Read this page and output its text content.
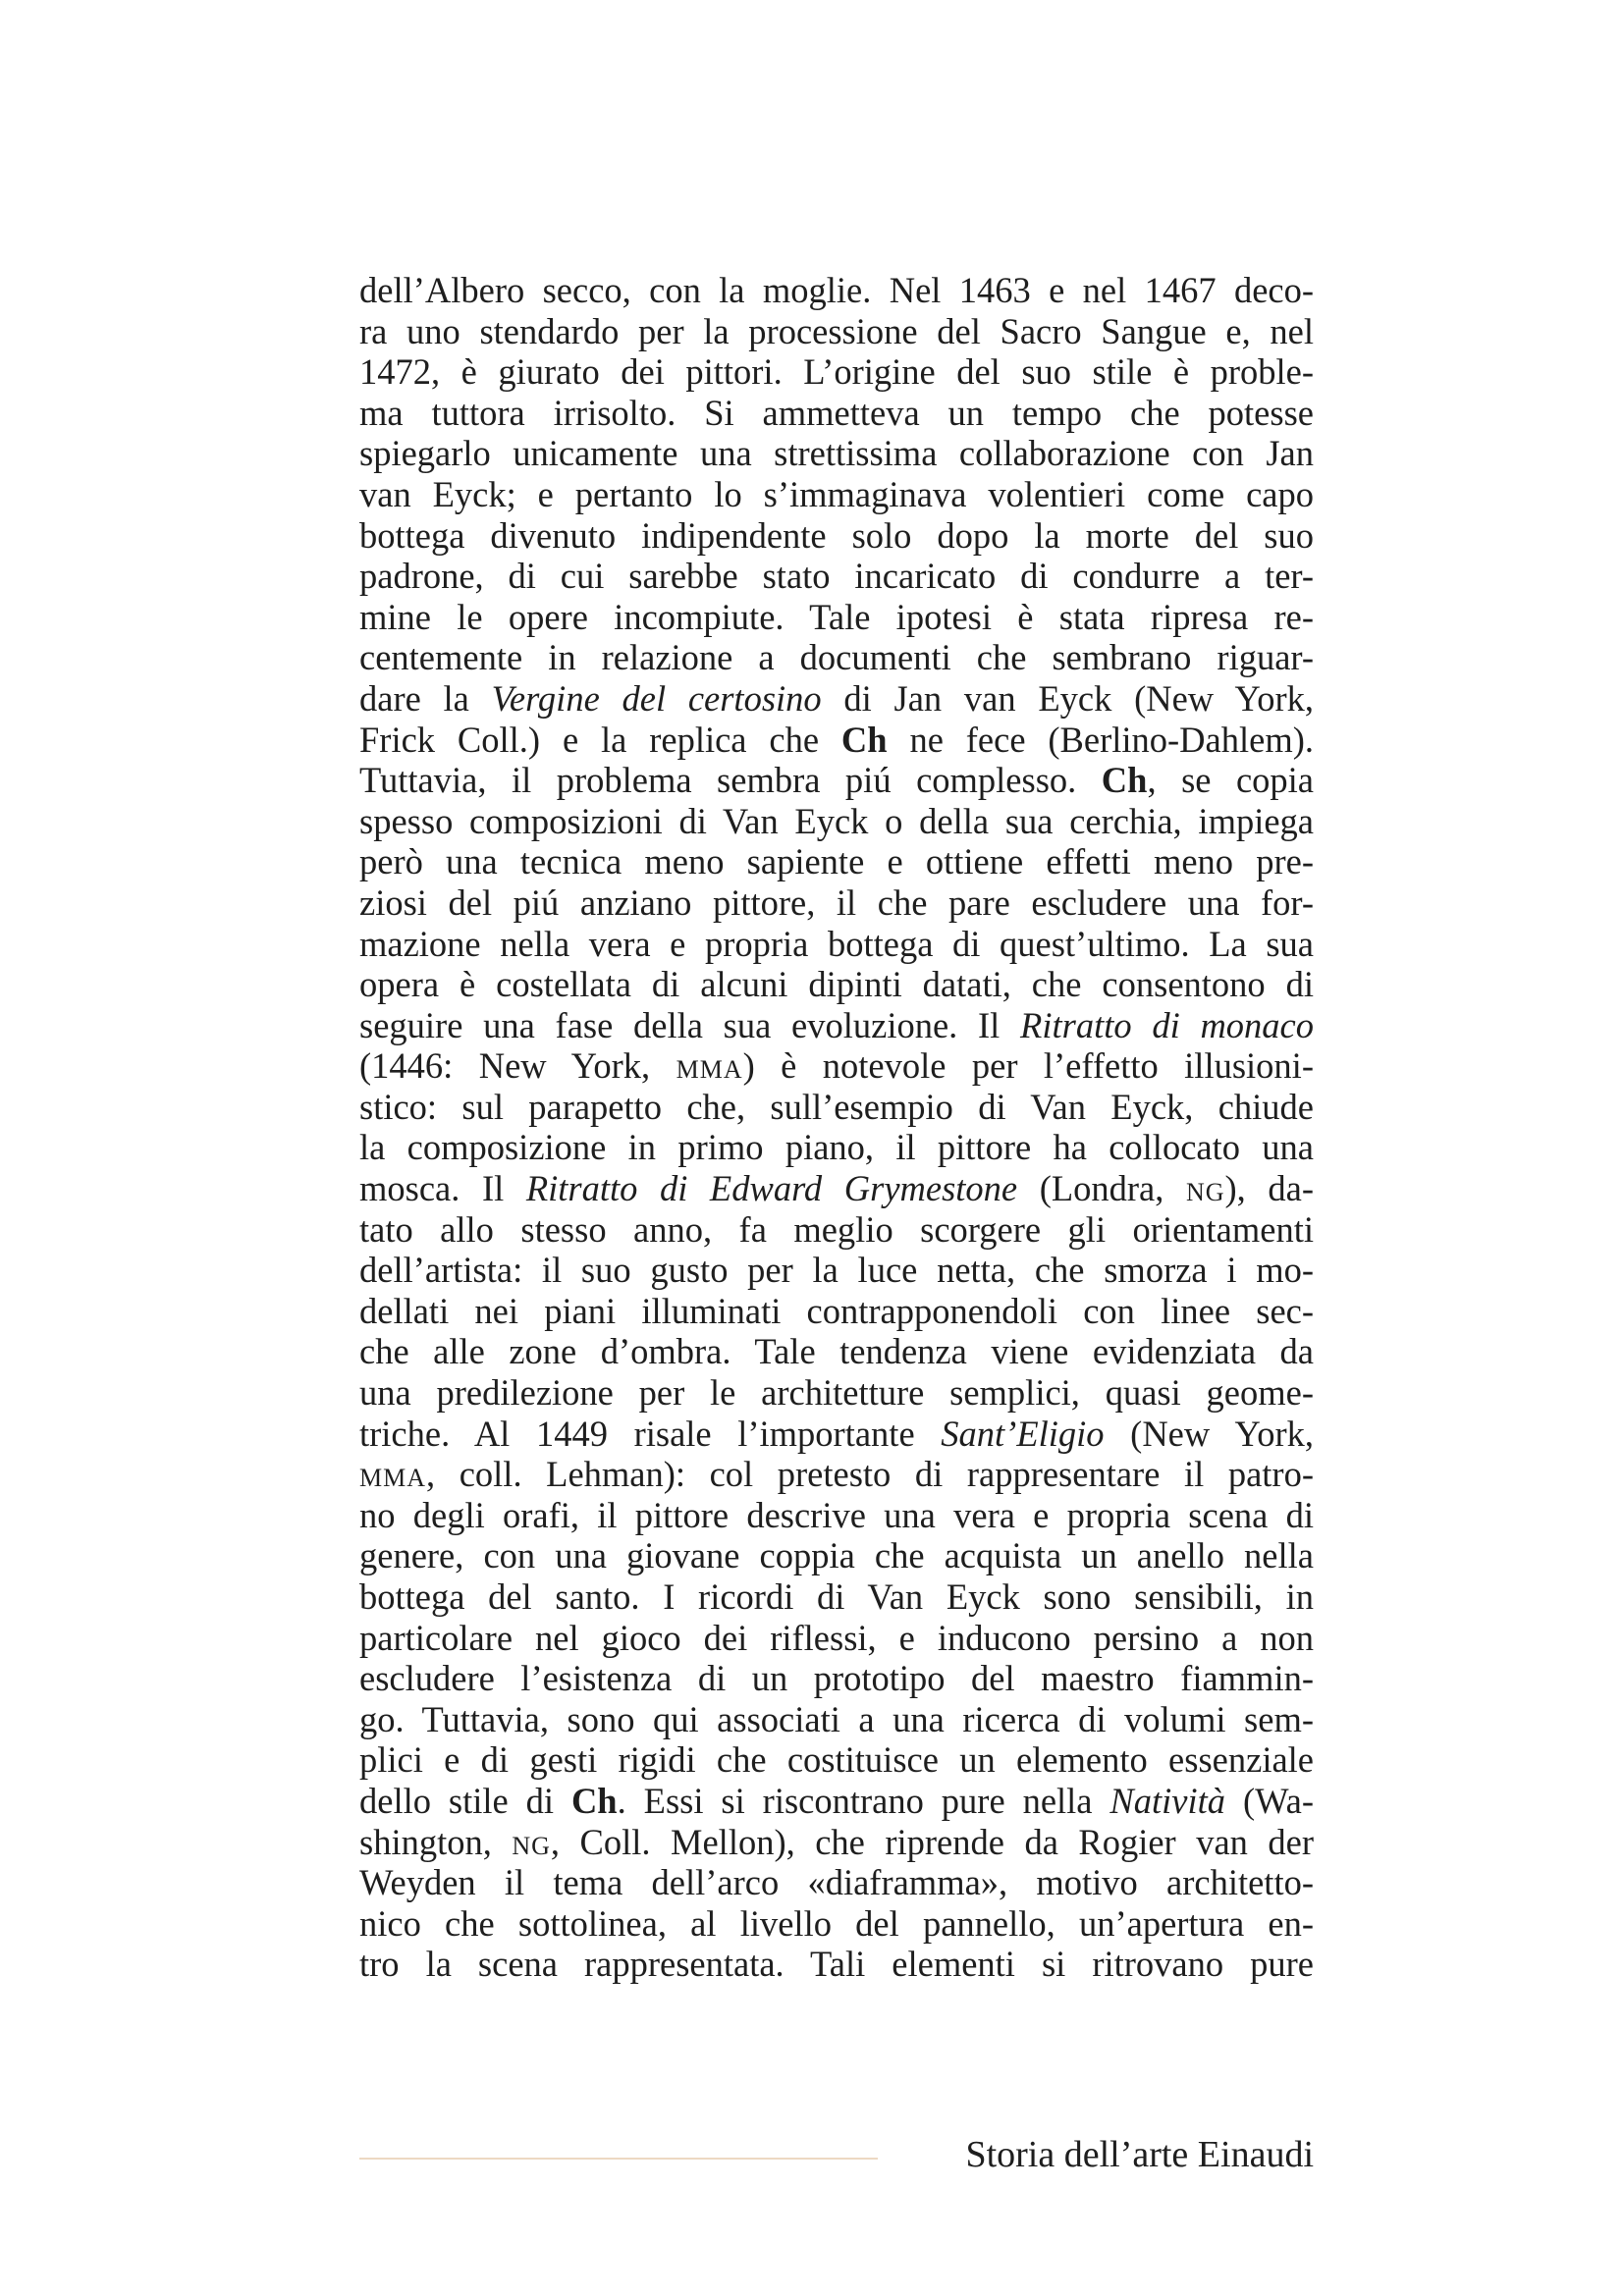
dell’Albero secco, con la moglie. Nel 1463 e nel 1467 deco-
ra uno stendardo per la processione del Sacro Sangue e, nel
1472, è giurato dei pittori. L’origine del suo stile è proble-
ma tuttora irrisolto. Si ammetteva un tempo che potesse
spiegarlo unicamente una strettissima collaborazione con Jan
van Eyck; e pertanto lo s’immaginava volentieri come capo
bottega divenuto indipendente solo dopo la morte del suo
padrone, di cui sarebbe stato incaricato di condurre a ter-
mine le opere incompiute. Tale ipotesi è stata ripresa re-
centemente in relazione a documenti che sembrano riguar-
dare la Vergine del certosino di Jan van Eyck (New York,
Frick Coll.) e la replica che Ch ne fece (Berlino-Dahlem).
Tuttavia, il problema sembra piú complesso. Ch, se copia
spesso composizioni di Van Eyck o della sua cerchia, impiega
però una tecnica meno sapiente e ottiene effetti meno pre-
ziosi del piú anziano pittore, il che pare escludere una for-
mazione nella vera e propria bottega di quest’ultimo. La sua
opera è costellata di alcuni dipinti datati, che consentono di
seguire una fase della sua evoluzione. Il Ritratto di monaco
(1446: New York, mma) è notevole per l’effetto illusioni-
stico: sul parapetto che, sull’esempio di Van Eyck, chiude
la composizione in primo piano, il pittore ha collocato una
mosca. Il Ritratto di Edward Grymestone (Londra, ng), da-
tato allo stesso anno, fa meglio scorgere gli orientamenti
dell’artista: il suo gusto per la luce netta, che smorza i mo-
dellati nei piani illuminati contrapponendoli con linee sec-
che alle zone d’ombra. Tale tendenza viene evidenziata da
una predilezione per le architetture semplici, quasi geome-
triche. Al 1449 risale l’importante Sant’Eligio (New York,
mma, coll. Lehman): col pretesto di rappresentare il patro-
no degli orafi, il pittore descrive una vera e propria scena di
genere, con una giovane coppia che acquista un anello nella
bottega del santo. I ricordi di Van Eyck sono sensibili, in
particolare nel gioco dei riflessi, e inducono persino a non
escludere l’esistenza di un prototipo del maestro fiammin-
go. Tuttavia, sono qui associati a una ricerca di volumi sem-
plici e di gesti rigidi che costituisce un elemento essenziale
dello stile di Ch. Essi si riscontrano pure nella Natività (Wa-
shington, ng, Coll. Mellon), che riprende da Rogier van der
Weyden il tema dell’arco «diaframma», motivo architetto-
nico che sottolinea, al livello del pannello, un’apertura en-
tro la scena rappresentata. Tali elementi si ritrovano pure
Storia dell’arte Einaudi
